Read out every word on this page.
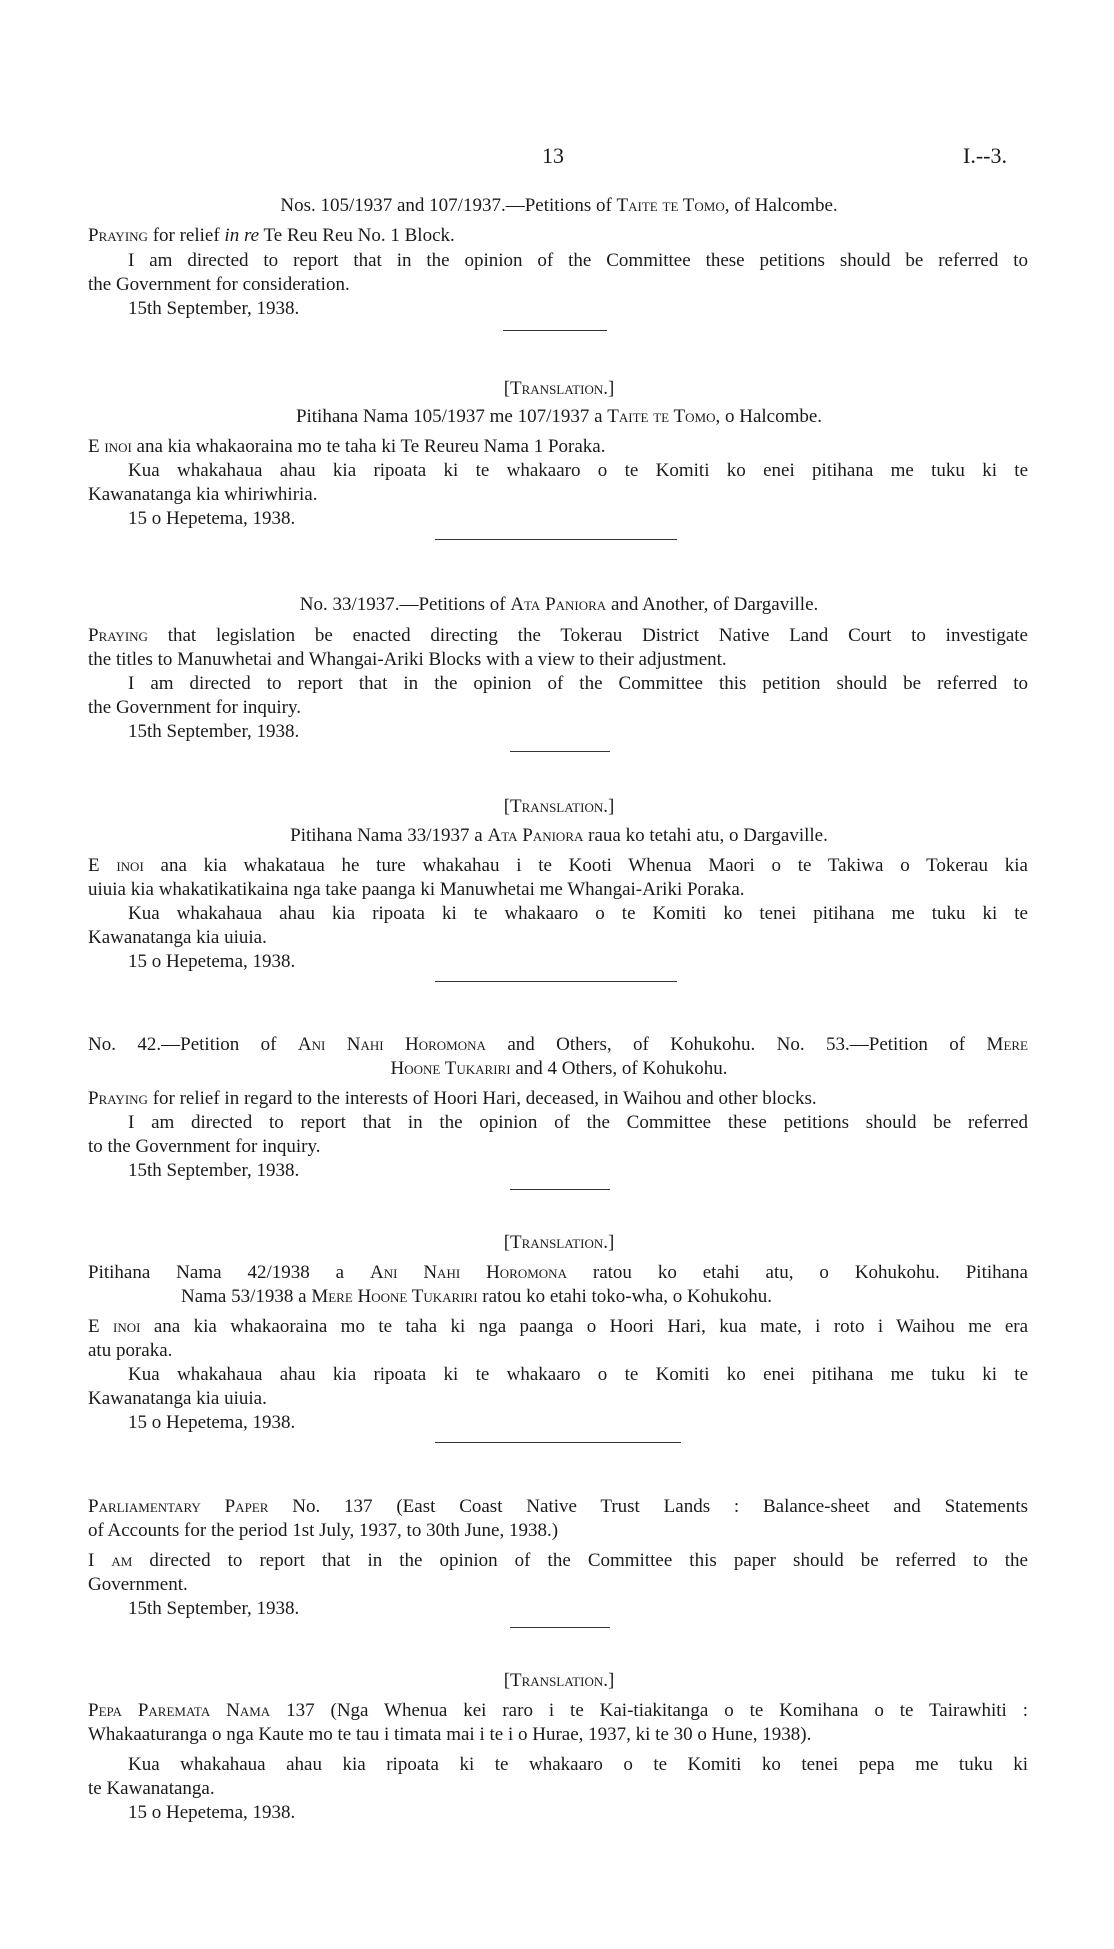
13	I.--3.
Nos. 105/1937 and 107/1937.—Petitions of Taite te Tomo, of Halcombe.
Praying for relief in re Te Reu Reu No. 1 Block.
I am directed to report that in the opinion of the Committee these petitions should be referred to
the Government for consideration.
15th September, 1938.
[Translation.]
Pitihana Nama 105/1937 me 107/1937 a Taite te Tomo, o Halcombe.
E inoi ana kia whakaoraina mo te taha ki Te Reureu Nama 1 Poraka.
Kua whakahaua ahau kia ripoata ki te whakaaro o te Komiti ko enei pitihana me tuku ki te
Kawanatanga kia whiriwhiria.
15 o Hepetema, 1938.
No. 33/1937.—Petitions of Ata Paniora and Another, of Dargaville.
Praying that legislation be enacted directing the Tokerau District Native Land Court to investigate
the titles to Manuwhetai and Whangai-Ariki Blocks with a view to their adjustment.
I am directed to report that in the opinion of the Committee this petition should be referred to
the Government for inquiry.
15th September, 1938.
[Translation.]
Pitihana Nama 33/1937 a Ata Paniora raua ko tetahi atu, o Dargaville.
E inoi ana kia whakataua he ture whakahau i te Kooti Whenua Maori o te Takiwa o Tokerau kia
uiuia kia whakatikatikaina nga take paanga ki Manuwhetai me Whangai-Ariki Poraka.
Kua whakahaua ahau kia ripoata ki te whakaaro o te Komiti ko tenei pitihana me tuku ki te
Kawanatanga kia uiuia.
15 o Hepetema, 1938.
No. 42.—Petition of Ani Nahi Horomona and Others, of Kohukohu. No. 53.—Petition of Mere
Hoone Tukariri and 4 Others, of Kohukohu.
Praying for relief in regard to the interests of Hoori Hari, deceased, in Waihou and other blocks.
I am directed to report that in the opinion of the Committee these petitions should be referred
to the Government for inquiry.
15th September, 1938.
[Translation.]
Pitihana Nama 42/1938 a Ani Nahi Horomona ratou ko etahi atu, o Kohukohu. Pitihana
Nama 53/1938 a Mere Hoone Tukariri ratou ko etahi toko-wha, o Kohukohu.
E inoi ana kia whakaoraina mo te taha ki nga paanga o Hoori Hari, kua mate, i roto i Waihou me era
atu poraka.
Kua whakahaua ahau kia ripoata ki te whakaaro o te Komiti ko enei pitihana me tuku ki te
Kawanatanga kia uiuia.
15 o Hepetema, 1938.
Parliamentary Paper No. 137 (East Coast Native Trust Lands : Balance-sheet and Statements
of Accounts for the period 1st July, 1937, to 30th June, 1938.)
I am directed to report that in the opinion of the Committee this paper should be referred to the
Government.
15th September, 1938.
[Translation.]
Pepa Paremata Nama 137 (Nga Whenua kei raro i te Kai-tiakitanga o te Komihana o te Tairawhiti :
Whakaaturanga o nga Kaute mo te tau i timata mai i te i o Hurae, 1937, ki te 30 o Hune, 1938).
Kua whakahaua ahau kia ripoata ki te whakaaro o te Komiti ko tenei pepa me tuku ki
te Kawanatanga.
15 o Hepetema, 1938.
